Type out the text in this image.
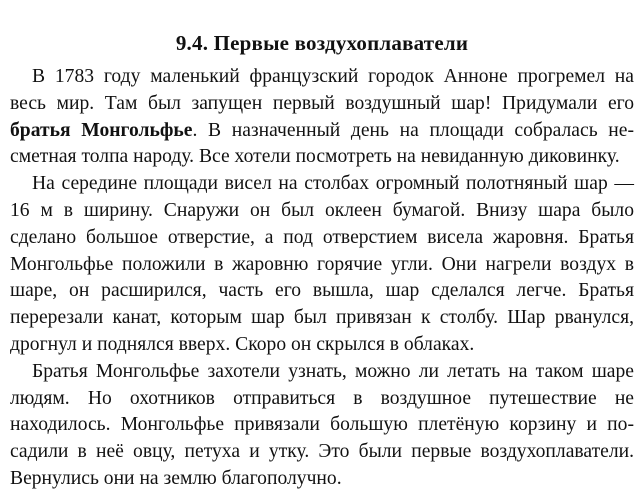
9.4. Первые воздухоплаватели

В 1783 году маленький французский городок Анноне прогремел на весь мир. Там был запущен первый воздушный шар! Придумали его братья Монгольфье. В назначенный день на площади собралась несметная толпа народу. Все хотели посмотреть на невиданную диковинку.

На середине площади висел на столбах огромный полотняный шар — 16 м в ширину. Снаружи он был оклеен бумагой. Внизу шара было сделано большое отверстие, а под отверстием висела жаровня. Братья Монгольфье положили в жаровню горячие угли. Они нагрели воздух в шаре, он расширился, часть его вышла, шар сделался легче. Братья перерезали канат, которым шар был привязан к столбу. Шар рванулся, дрогнул и поднялся вверх. Скоро он скрылся в облаках.

Братья Монгольфье захотели узнать, можно ли летать на таком шаре людям. Но охотников отправиться в воздушное путешествие не находилось. Монгольфье привязали большую плетёную корзину и посадили в неё овцу, петуха и утку. Это были первые воздухоплаватели. Вернулись они на землю благополучно.
